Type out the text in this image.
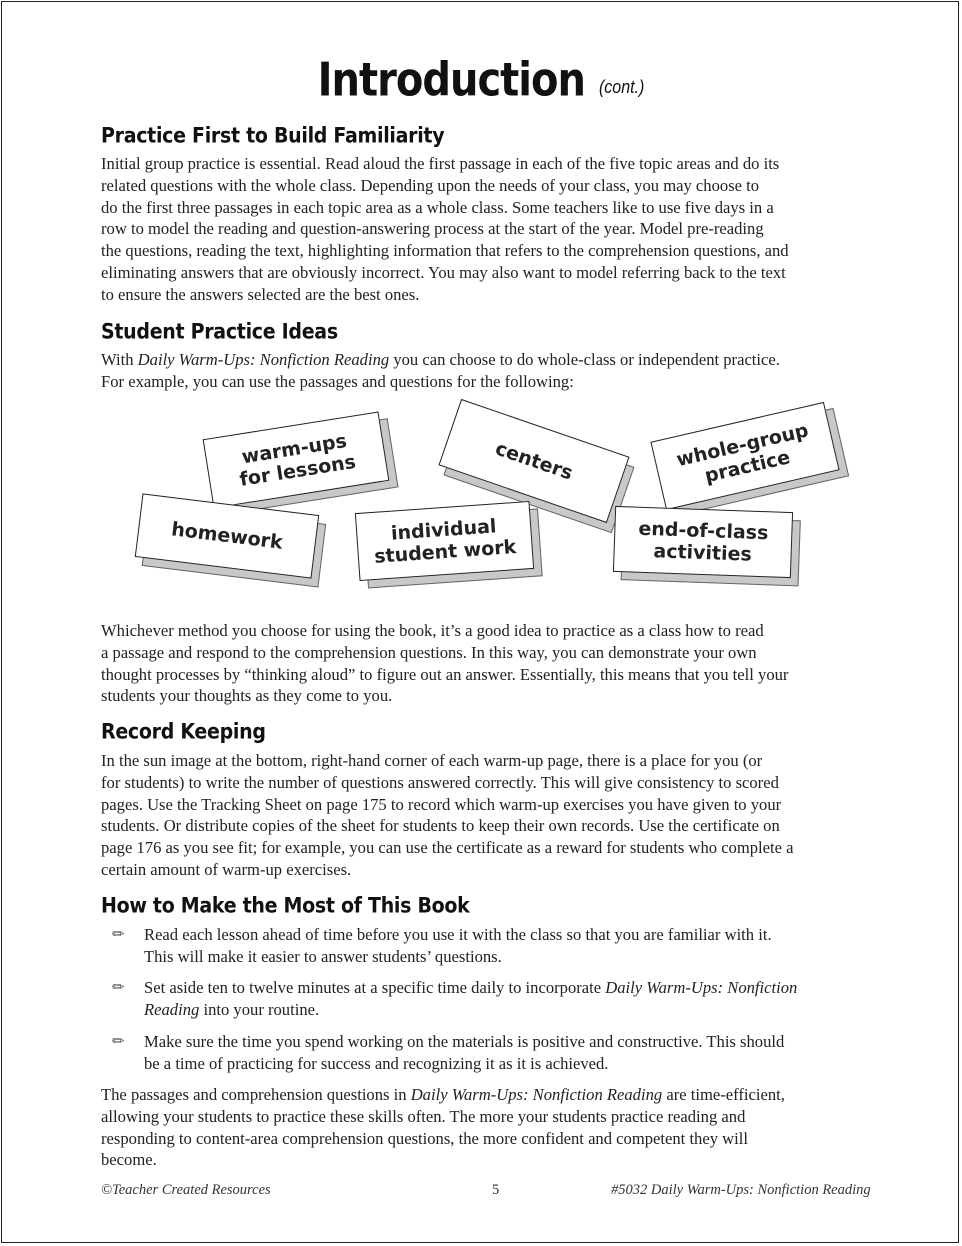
Introduction (cont.)
Practice First to Build Familiarity
Initial group practice is essential. Read aloud the first passage in each of the five topic areas and do its
related questions with the whole class. Depending upon the needs of your class, you may choose to
do the first three passages in each topic area as a whole class. Some teachers like to use five days in a
row to model the reading and question-answering process at the start of the year. Model pre-reading
the questions, reading the text, highlighting information that refers to the comprehension questions, and
eliminating answers that are obviously incorrect. You may also want to model referring back to the text
to ensure the answers selected are the best ones.
Student Practice Ideas
With Daily Warm-Ups: Nonfiction Reading you can choose to do whole-class or independent practice.
For example, you can use the passages and questions for the following:
warm-ups
for lessons	centers	whole-group
practice
homework	individual
student work
end-of-class
activities
Whichever method you choose for using the book, it’s a good idea to practice as a class how to read
a passage and respond to the comprehension questions. In this way, you can demonstrate your own
thought processes by “thinking aloud” to figure out an answer. Essentially, this means that you tell your
students your thoughts as they come to you.
Record Keeping
In the sun image at the bottom, right-hand corner of each warm-up page, there is a place for you (or
for students) to write the number of questions answered correctly. This will give consistency to scored
pages. Use the Tracking Sheet on page 175 to record which warm-up exercises you have given to your
students. Or distribute copies of the sheet for students to keep their own records. Use the certificate on
page 176 as you see fit; for example, you can use the certificate as a reward for students who complete a
certain amount of warm-up exercises.
How to Make the Most of This Book
✏ Read each lesson ahead of time before you use it with the class so that you are familiar with it.
This will make it easier to answer students’ questions.
✏ Set aside ten to twelve minutes at a specific time daily to incorporate Daily Warm-Ups: Nonfiction
Reading into your routine.
✏ Make sure the time you spend working on the materials is positive and constructive. This should
be a time of practicing for success and recognizing it as it is achieved.
The passages and comprehension questions in Daily Warm-Ups: Nonfiction Reading are time-efficient,
allowing your students to practice these skills often. The more your students practice reading and
responding to content-area comprehension questions, the more confident and competent they will
become.
©Teacher Created Resources	5	#5032 Daily Warm-Ups: Nonfiction Reading
